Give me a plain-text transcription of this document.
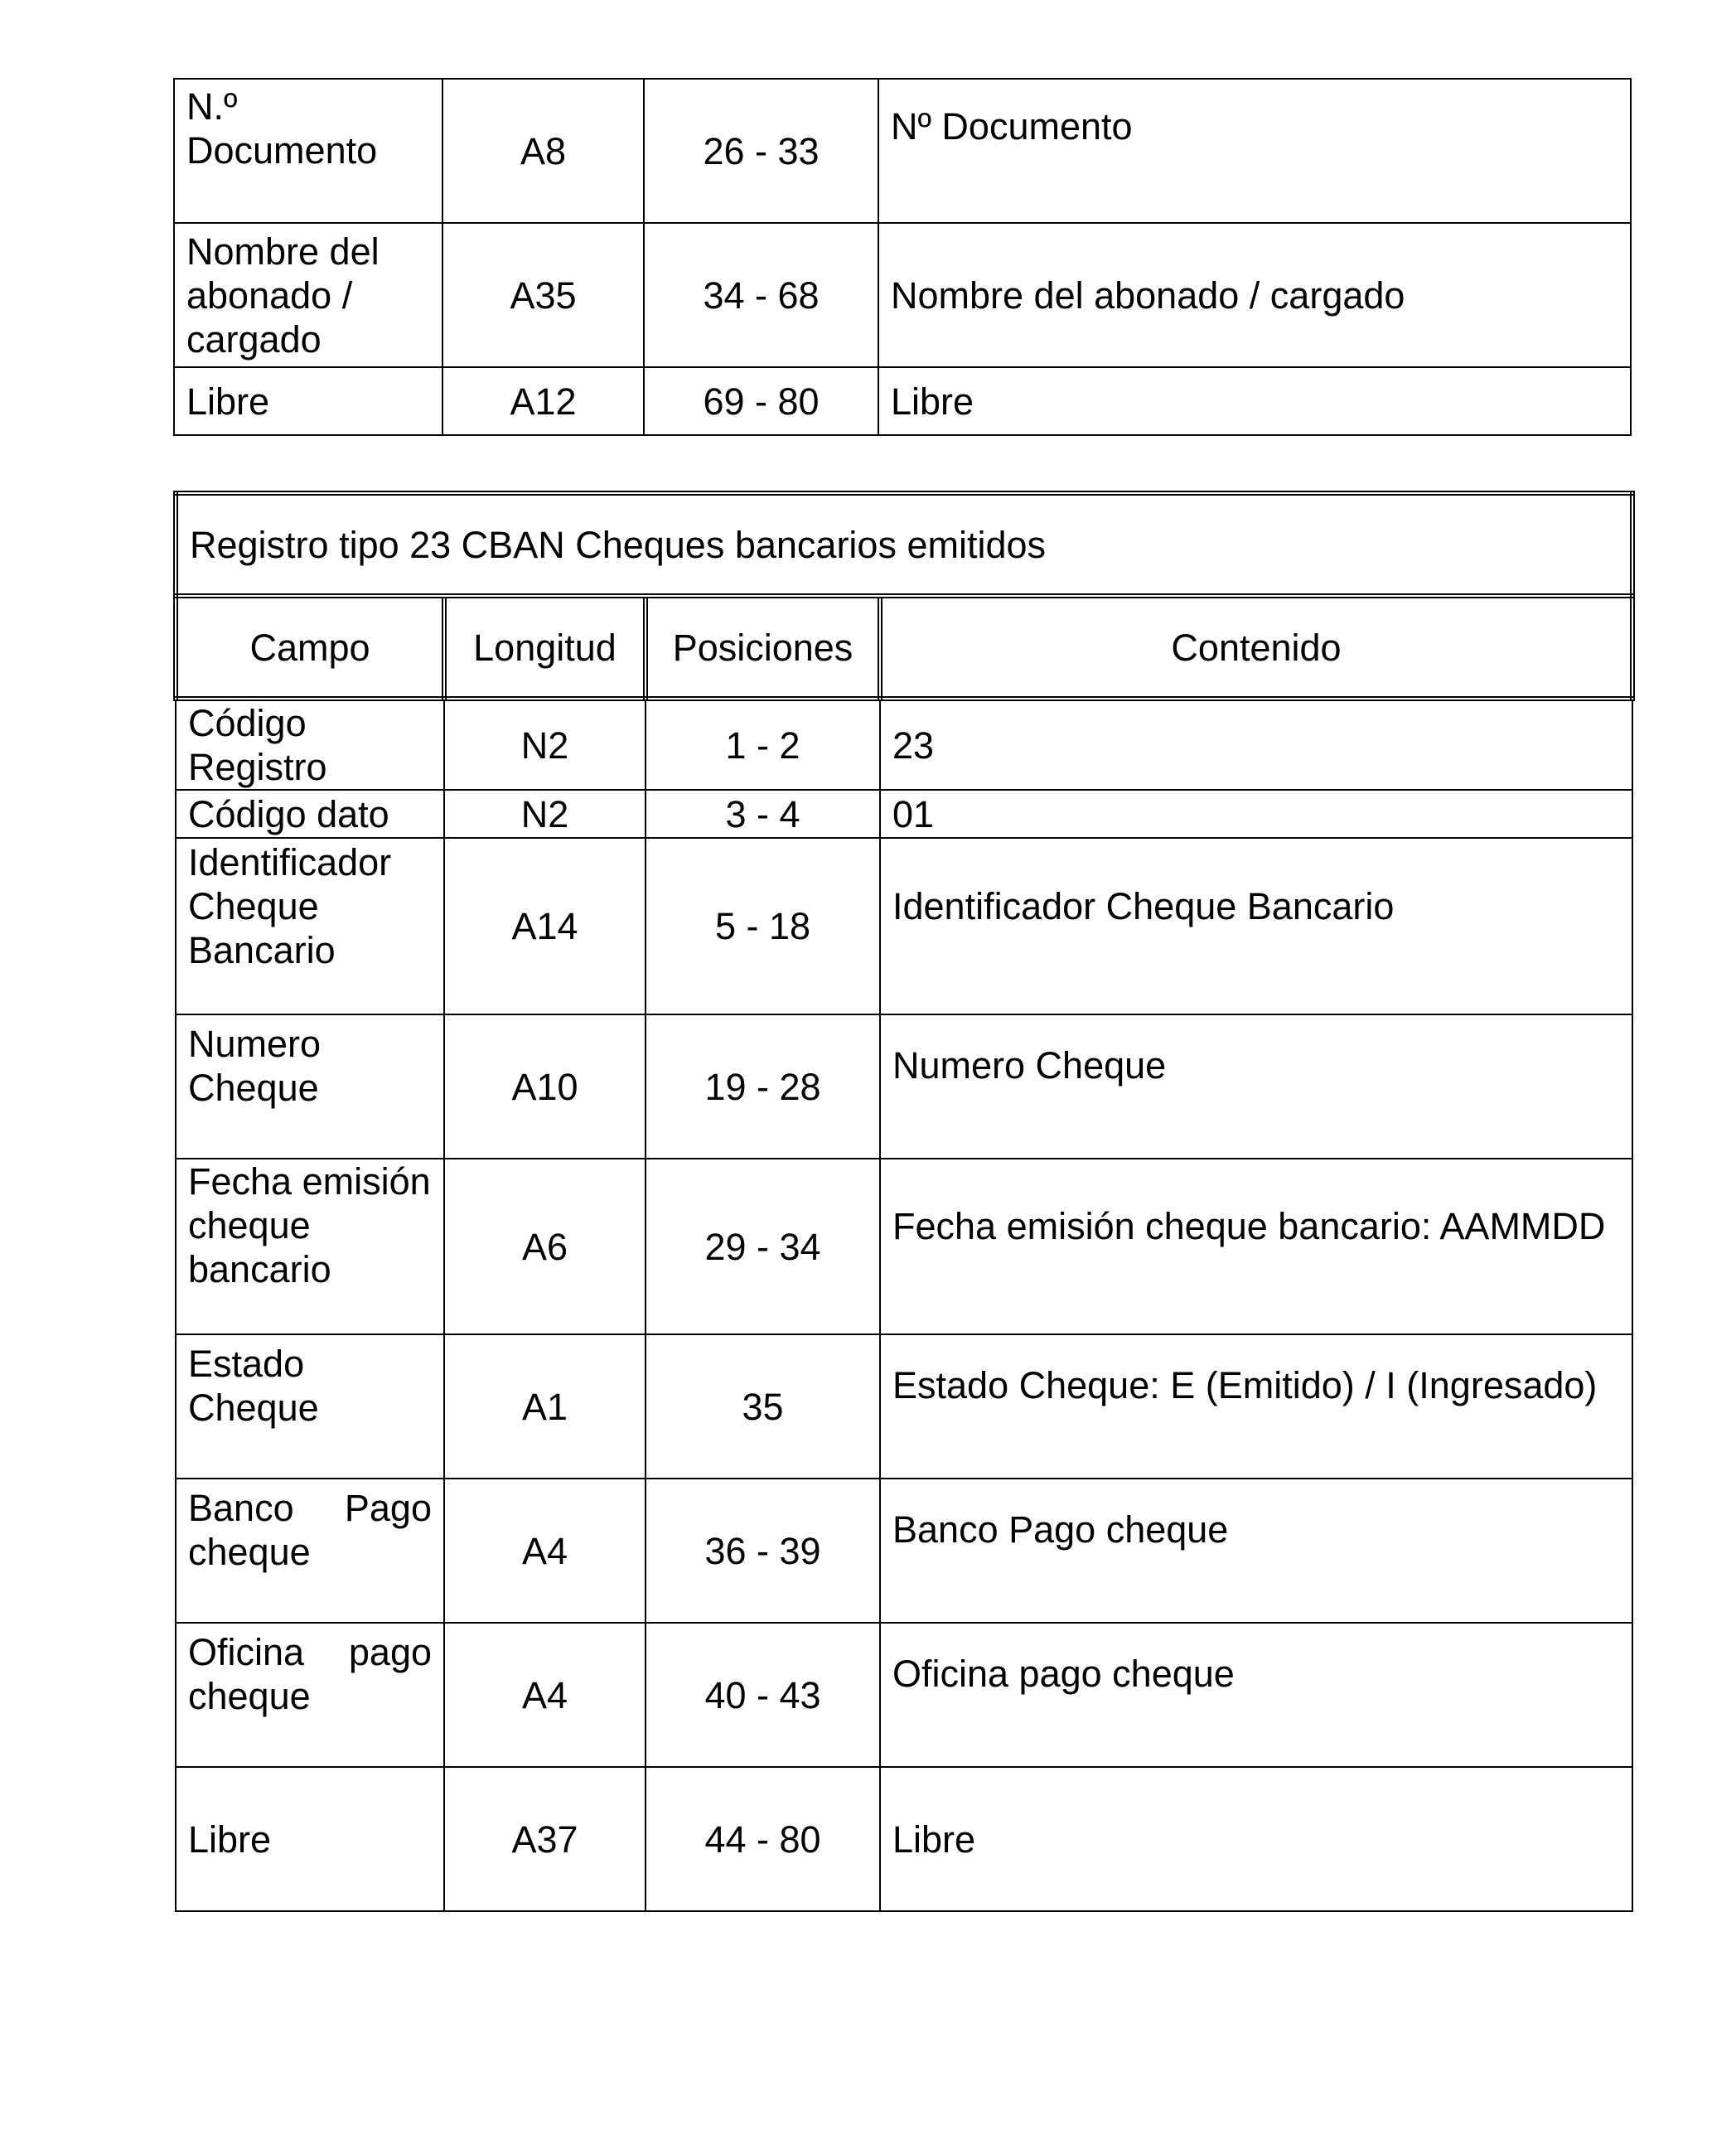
N.º
Documento	A8	26 - 33	Nº Documento
Nombre del
abonado /
cargado	A35	34 - 68	Nombre del abonado / cargado
Libre	A12	69 - 80	Libre
Registro tipo 23 CBAN Cheques bancarios emitidos			
Campo	Longitud	Posiciones	Contenido
Código
Registro	N2	1 - 2	23
Código dato	N2	3 - 4	01
Identificador
Cheque
Bancario	A14	5 - 18	Identificador Cheque Bancario
Numero
Cheque	A10	19 - 28	Numero Cheque
Fecha emisión
cheque
bancario	A6	29 - 34	Fecha emisión cheque bancario: AAMMDD
Estado
Cheque	A1	35	Estado Cheque: E (Emitido) / I (Ingresado)
Banco Pago
cheque	A4	36 - 39	Banco Pago cheque
Oficina pago
cheque	A4	40 - 43	Oficina pago cheque
Libre	A37	44 - 80	Libre
